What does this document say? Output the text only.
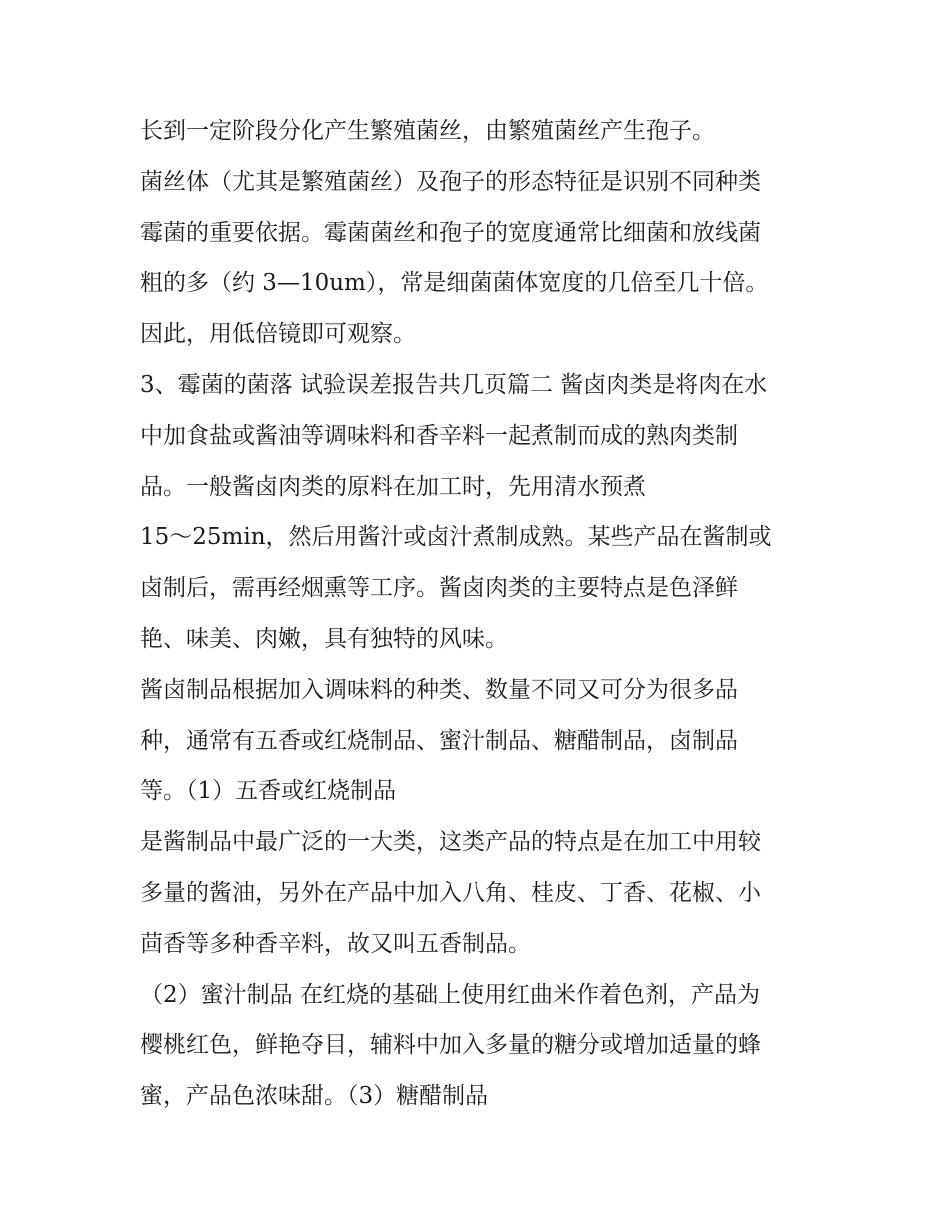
长到一定阶段分化产生繁殖菌丝，由繁殖菌丝产生孢子。
菌丝体（尤其是繁殖菌丝）及孢子的形态特征是识别不同种类
霉菌的重要依据。霉菌菌丝和孢子的宽度通常比细菌和放线菌
粗的多（约 3—10um），常是细菌菌体宽度的几倍至几十倍。
因此，用低倍镜即可观察。
3、霉菌的菌落 试验误差报告共几页篇二 酱卤肉类是将肉在水
中加食盐或酱油等调味料和香辛料一起煮制而成的熟肉类制
品。一般酱卤肉类的原料在加工时，先用清水预煮
15～25min，然后用酱汁或卤汁煮制成熟。某些产品在酱制或
卤制后，需再经烟熏等工序。酱卤肉类的主要特点是色泽鲜
艳、味美、肉嫩，具有独特的风味。
酱卤制品根据加入调味料的种类、数量不同又可分为很多品
种，通常有五香或红烧制品、蜜汁制品、糖醋制品，卤制品
等。（1）五香或红烧制品
是酱制品中最广泛的一大类，这类产品的特点是在加工中用较
多量的酱油，另外在产品中加入八角、桂皮、丁香、花椒、小
茴香等多种香辛料，故又叫五香制品。
（2）蜜汁制品 在红烧的基础上使用红曲米作着色剂，产品为
樱桃红色，鲜艳夺目，辅料中加入多量的糖分或增加适量的蜂
蜜，产品色浓味甜。（3）糖醋制品
